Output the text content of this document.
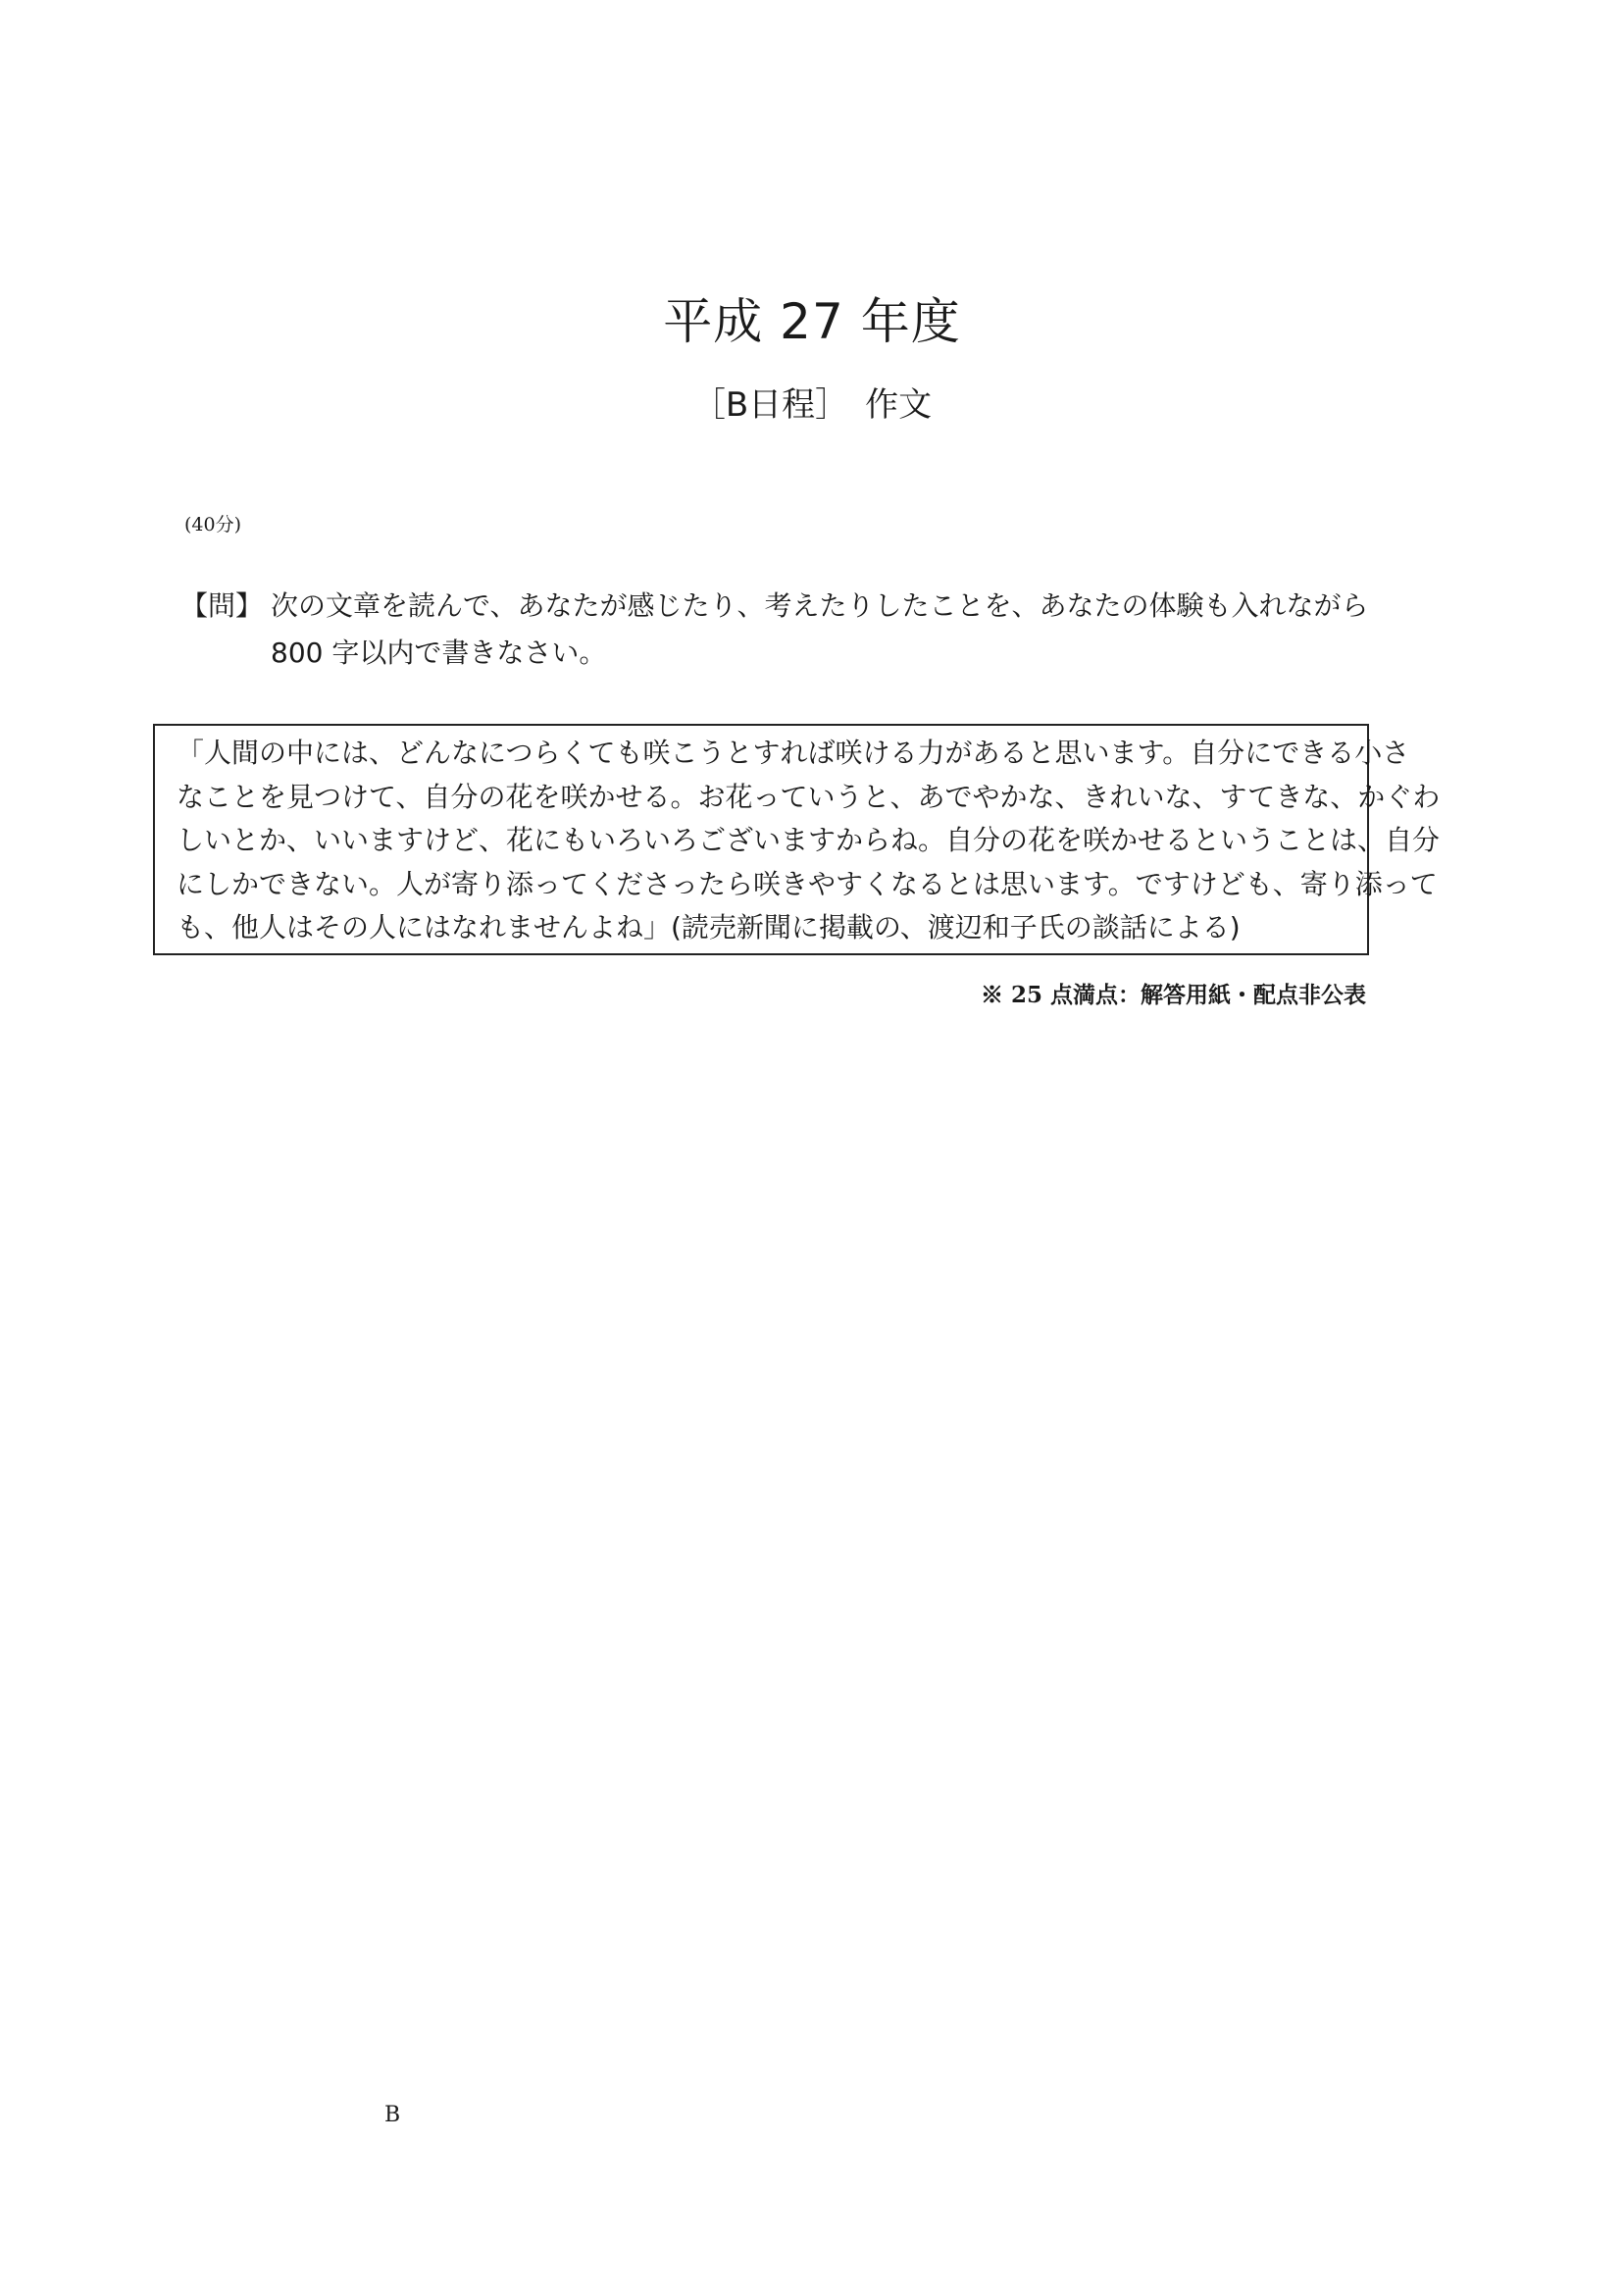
平成 27 年度
［B日程］　作文
(40分)
【問】 次の文章を読んで、あなたが感じたり、考えたりしたことを、あなたの体験も入れながら 800 字以内で書きなさい。
「人間の中には、どんなにつらくても咲こうとすれば咲ける力があると思います。自分にできる小さ
なことを見つけて、自分の花を咲かせる。お花っていうと、あでやかな、きれいな、すてきな、かぐわ
しいとか、いいますけど、花にもいろいろございますからね。自分の花を咲かせるということは、自分
にしかできない。人が寄り添ってくださったら咲きやすくなるとは思います。ですけども、寄り添って
も、他人はその人にはなれませんよね」(読売新聞に掲載の、渡辺和子氏の談話による)
※ 25 点満点：解答用紙・配点非公表
B
